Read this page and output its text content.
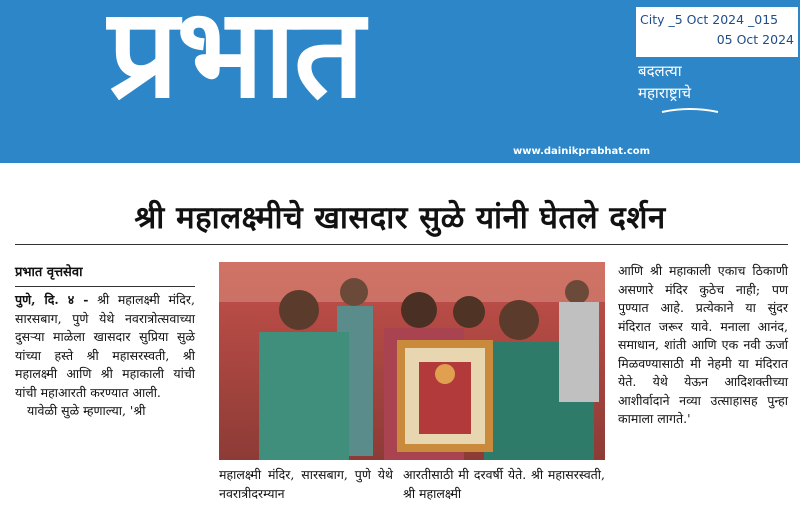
प्रभात	बदलत्या
महाराष्ट्राचे
www.dainikprabhat.com
City _5 Oct 2024 _015
05 Oct 2024
श्री महालक्ष्मीचे खासदार सुळे यांनी घेतले दर्शन
प्रभात वृत्तसेवा
पुणे, दि. ४ - श्री महालक्ष्मी मंदिर, सारसबाग, पुणे येथे नवरात्रोत्सवाच्या दुसऱ्या माळेला खासदार सुप्रिया सुळे यांच्या हस्ते श्री महासरस्वती, श्री महालक्ष्मी आणि श्री महाकाली यांची यांची महाआरती करण्यात आली.
यावेळी सुळे म्हणाल्या, 'श्री
महालक्ष्मी मंदिर, सारसबाग, पुणे येथे नवरात्रीदरम्यान
आरतीसाठी मी दरवर्षी येते. श्री महासरस्वती, श्री महालक्ष्मी
आणि श्री महाकाली एकाच ठिकाणी असणारे मंदिर कुठेच नाही; पण पुण्यात आहे. प्रत्येकाने या सुंदर मंदिरात जरूर यावे. मनाला आनंद, समाधान, शांती आणि एक नवी ऊर्जा मिळवण्यासाठी मी नेहमी या मंदिरात येते. येथे येऊन आदिशक्तीच्या आशीर्वादाने नव्या उत्साहासह पुन्हा कामाला लागते.'
